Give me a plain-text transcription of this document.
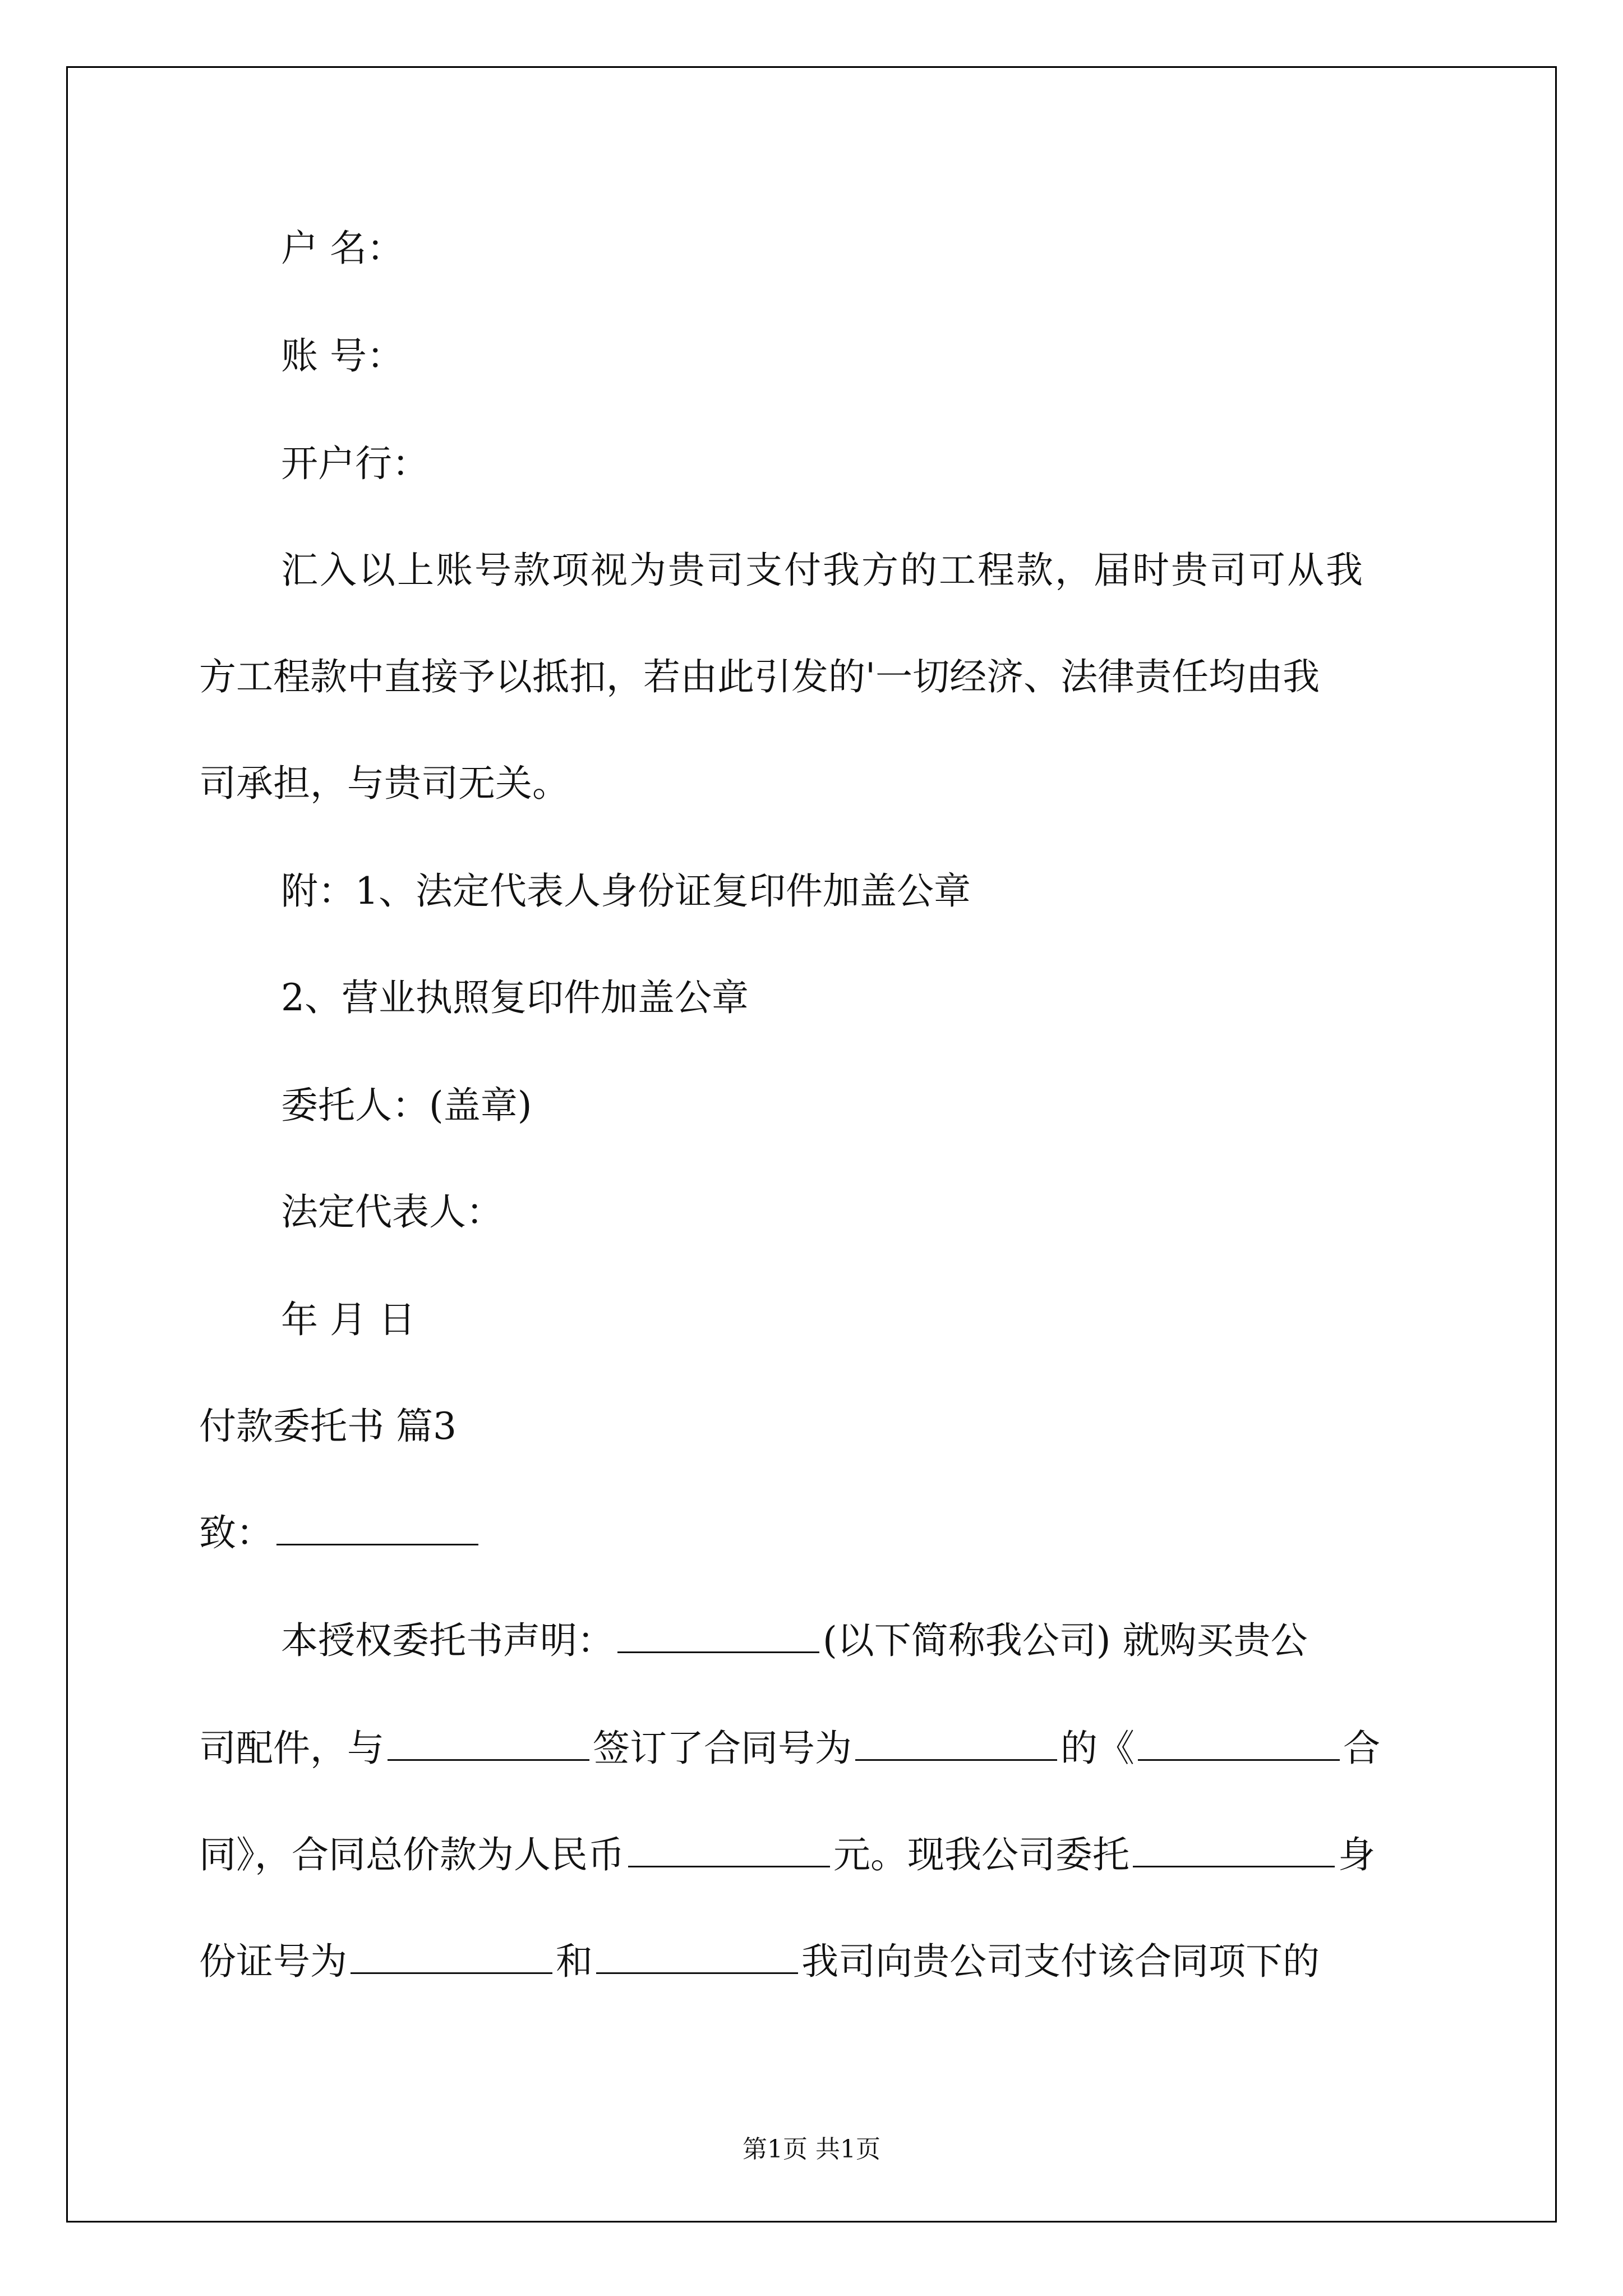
户 名：
账 号：
开户行：
汇入以上账号款项视为贵司支付我方的工程款，届时贵司可从我
方工程款中直接予以抵扣，若由此引发的'一切经济、法律责任均由我
司承担，与贵司无关。
附：1、法定代表人身份证复印件加盖公章
2、营业执照复印件加盖公章
委托人：(盖章)
法定代表人：
年 月 日
付款委托书 篇3
致：
本授权委托书声明：	(以下简称我公司) 就购买贵公
司配件，与	签订了合同号为	的《	合
同》，合同总价款为人民币	元。现我公司委托	身
份证号为	和	我司向贵公司支付该合同项下的
第1页 共1页
